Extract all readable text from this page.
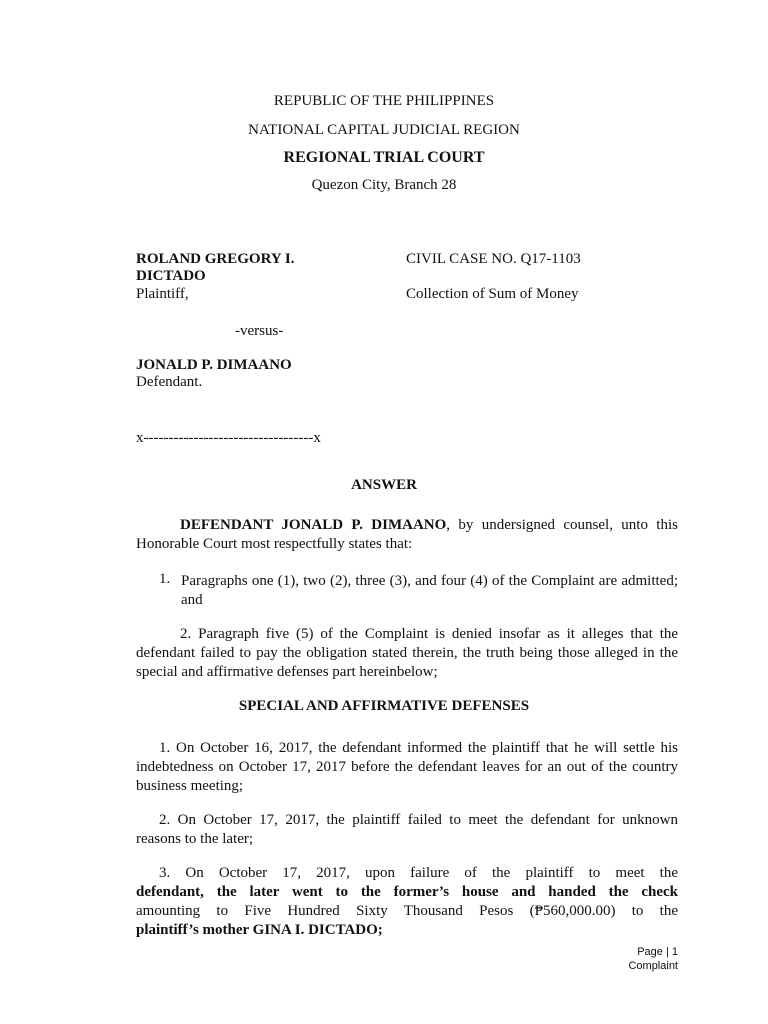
REPUBLIC OF THE PHILIPPINES
NATIONAL CAPITAL JUDICIAL REGION
REGIONAL TRIAL COURT
Quezon City, Branch 28
ROLAND GREGORY I.
DICTADO
Plaintiff,
CIVIL CASE NO. Q17-1103
Collection of Sum of Money
-versus-
JONALD P. DIMAANO
Defendant.
x----------------------------------x
ANSWER
DEFENDANT JONALD P. DIMAANO, by undersigned counsel, unto this Honorable Court most respectfully states that:
1. Paragraphs one (1), two (2), three (3), and four (4) of the Complaint are admitted; and
2. Paragraph five (5) of the Complaint is denied insofar as it alleges that the defendant failed to pay the obligation stated therein, the truth being those alleged in the special and affirmative defenses part hereinbelow;
SPECIAL AND AFFIRMATIVE DEFENSES
1. On October 16, 2017, the defendant informed the plaintiff that he will settle his indebtedness on October 17, 2017 before the defendant leaves for an out of the country business meeting;
2. On October 17, 2017, the plaintiff failed to meet the defendant for unknown reasons to the later;
3. On October 17, 2017, upon failure of the plaintiff to meet the
defendant, the later went to the former’s house and handed the check
amounting to Five Hundred Sixty Thousand Pesos (₱560,000.00) to the
plaintiff’s mother GINA I. DICTADO;
Page | 1
Complaint
